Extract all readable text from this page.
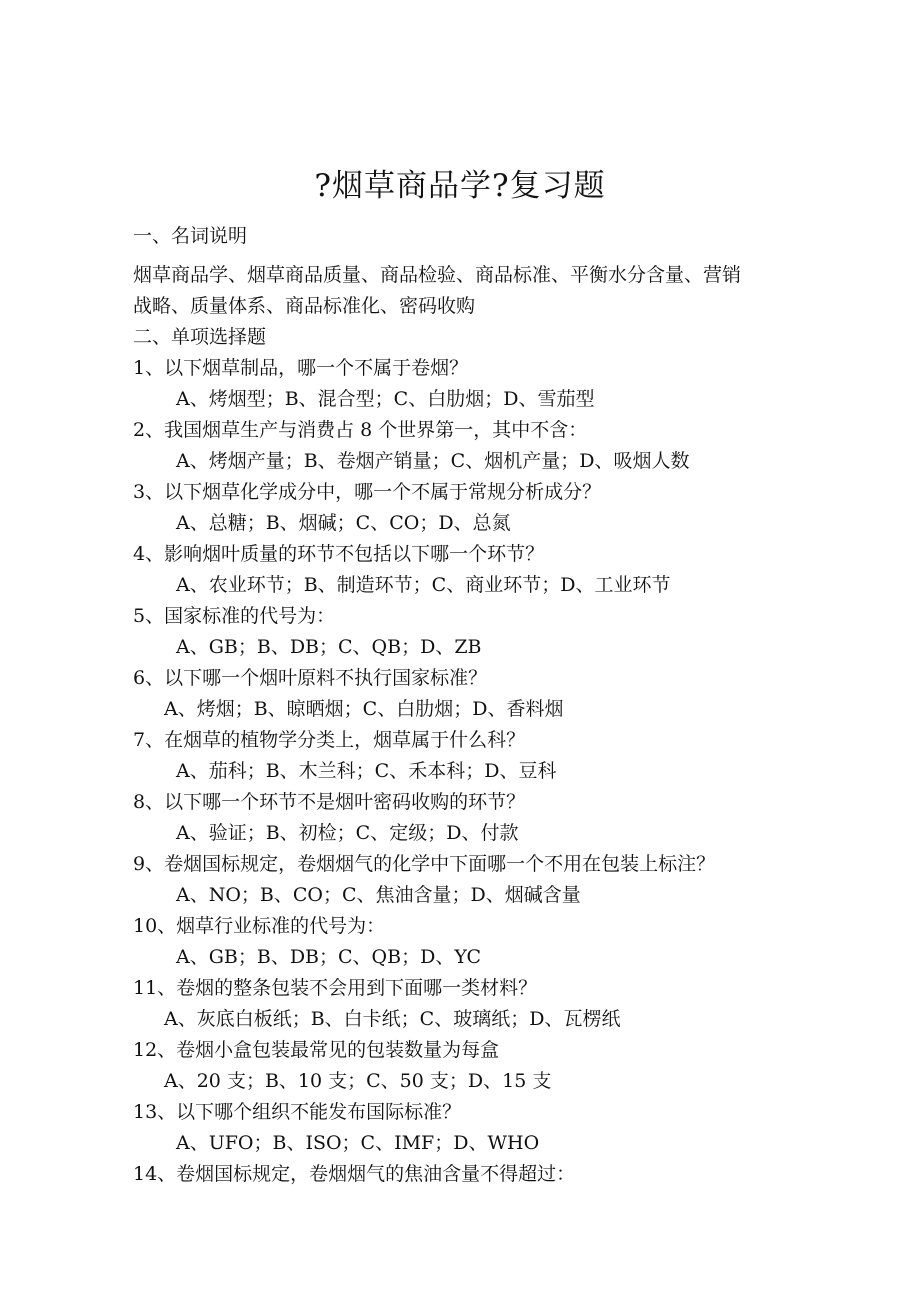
?烟草商品学?复习题
一、名词说明
烟草商品学、烟草商品质量、商品检验、商品标准、平衡水分含量、营销
战略、质量体系、商品标准化、密码收购
二、单项选择题
1、以下烟草制品，哪一个不属于卷烟？
A、烤烟型；B、混合型；C、白肋烟；D、雪茄型
2、我国烟草生产与消费占 8 个世界第一，其中不含：
A、烤烟产量；B、卷烟产销量；C、烟机产量；D、吸烟人数
3、以下烟草化学成分中，哪一个不属于常规分析成分？
A、总糖；B、烟碱；C、CO；D、总氮
4、影响烟叶质量的环节不包括以下哪一个环节？
A、农业环节；B、制造环节；C、商业环节；D、工业环节
5、国家标准的代号为：
A、GB；B、DB；C、QB；D、ZB
6、以下哪一个烟叶原料不执行国家标准？
A、烤烟；B、晾晒烟；C、白肋烟；D、香料烟
7、在烟草的植物学分类上，烟草属于什么科？
A、茄科；B、木兰科；C、禾本科；D、豆科
8、以下哪一个环节不是烟叶密码收购的环节？
A、验证；B、初检；C、定级；D、付款
9、卷烟国标规定，卷烟烟气的化学中下面哪一个不用在包装上标注？
A、NO；B、CO；C、焦油含量；D、烟碱含量
10、烟草行业标准的代号为：
A、GB；B、DB；C、QB；D、YC
11、卷烟的整条包装不会用到下面哪一类材料？
A、灰底白板纸；B、白卡纸；C、玻璃纸；D、瓦楞纸
12、卷烟小盒包装最常见的包装数量为每盒
A、20 支；B、10 支；C、50 支；D、15 支
13、以下哪个组织不能发布国际标准？
A、UFO；B、ISO；C、IMF；D、WHO
14、卷烟国标规定，卷烟烟气的焦油含量不得超过：
